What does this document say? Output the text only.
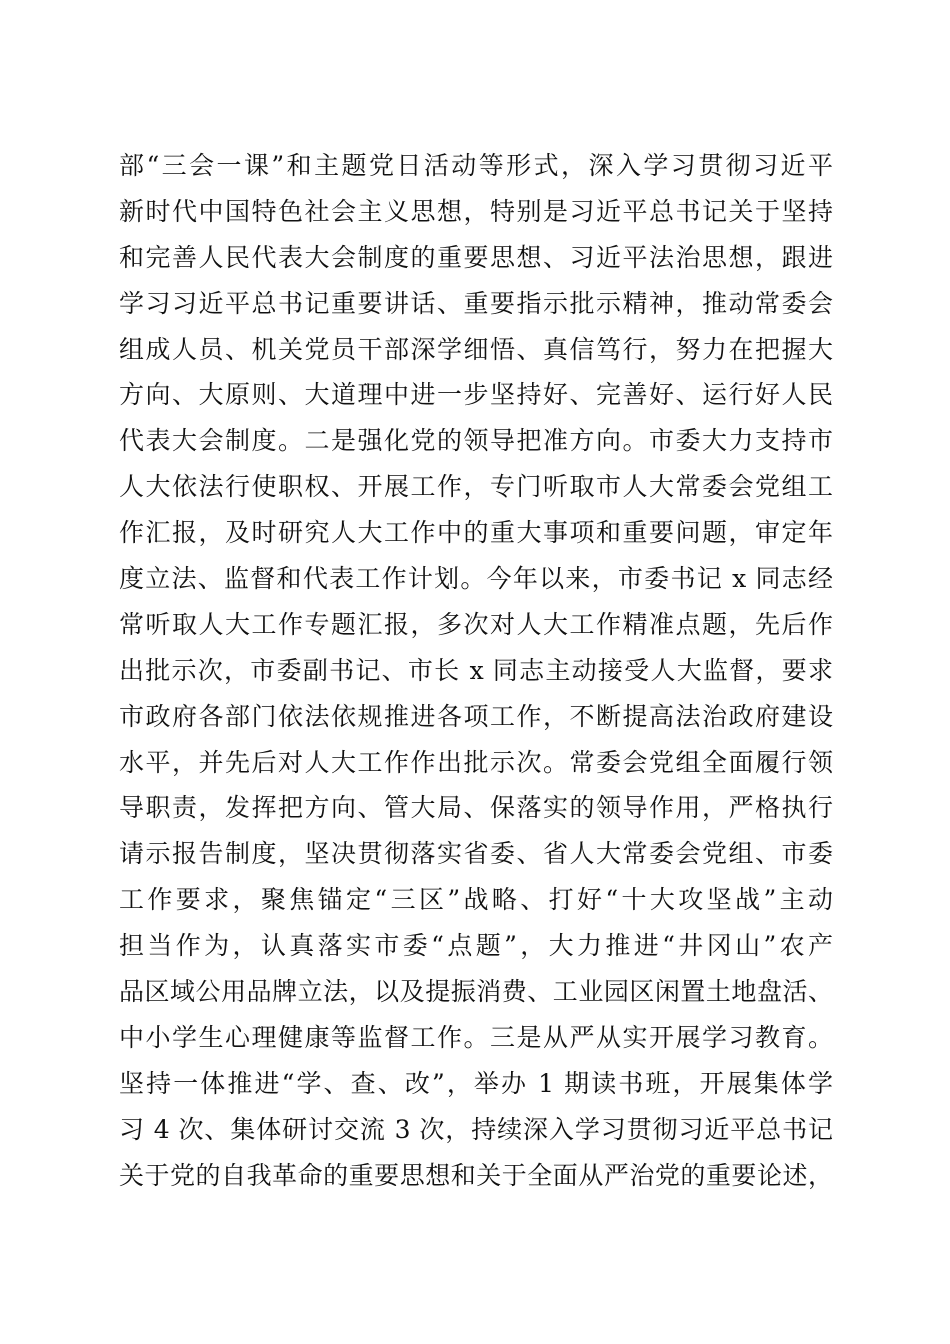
部“三会一课”和主题党日活动等形式，深入学习贯彻习近平
新时代中国特色社会主义思想，特别是习近平总书记关于坚持
和完善人民代表大会制度的重要思想、习近平法治思想，跟进
学习习近平总书记重要讲话、重要指示批示精神，推动常委会
组成人员、机关党员干部深学细悟、真信笃行，努力在把握大
方向、大原则、大道理中进一步坚持好、完善好、运行好人民
代表大会制度。二是强化党的领导把准方向。市委大力支持市
人大依法行使职权、开展工作，专门听取市人大常委会党组工
作汇报，及时研究人大工作中的重大事项和重要问题，审定年
度立法、监督和代表工作计划。今年以来，市委书记 x 同志经
常听取人大工作专题汇报，多次对人大工作精准点题，先后作
出批示次，市委副书记、市长 x 同志主动接受人大监督，要求
市政府各部门依法依规推进各项工作，不断提高法治政府建设
水平，并先后对人大工作作出批示次。常委会党组全面履行领
导职责，发挥把方向、管大局、保落实的领导作用，严格执行
请示报告制度，坚决贯彻落实省委、省人大常委会党组、市委
工作要求，聚焦锚定“三区”战略、打好“十大攻坚战”主动
担当作为，认真落实市委“点题”，大力推进“井冈山”农产
品区域公用品牌立法，以及提振消费、工业园区闲置土地盘活、
中小学生心理健康等监督工作。三是从严从实开展学习教育。
坚持一体推进“学、查、改”，举办 1 期读书班，开展集体学
习 4 次、集体研讨交流 3 次，持续深入学习贯彻习近平总书记
关于党的自我革命的重要思想和关于全面从严治党的重要论述，
